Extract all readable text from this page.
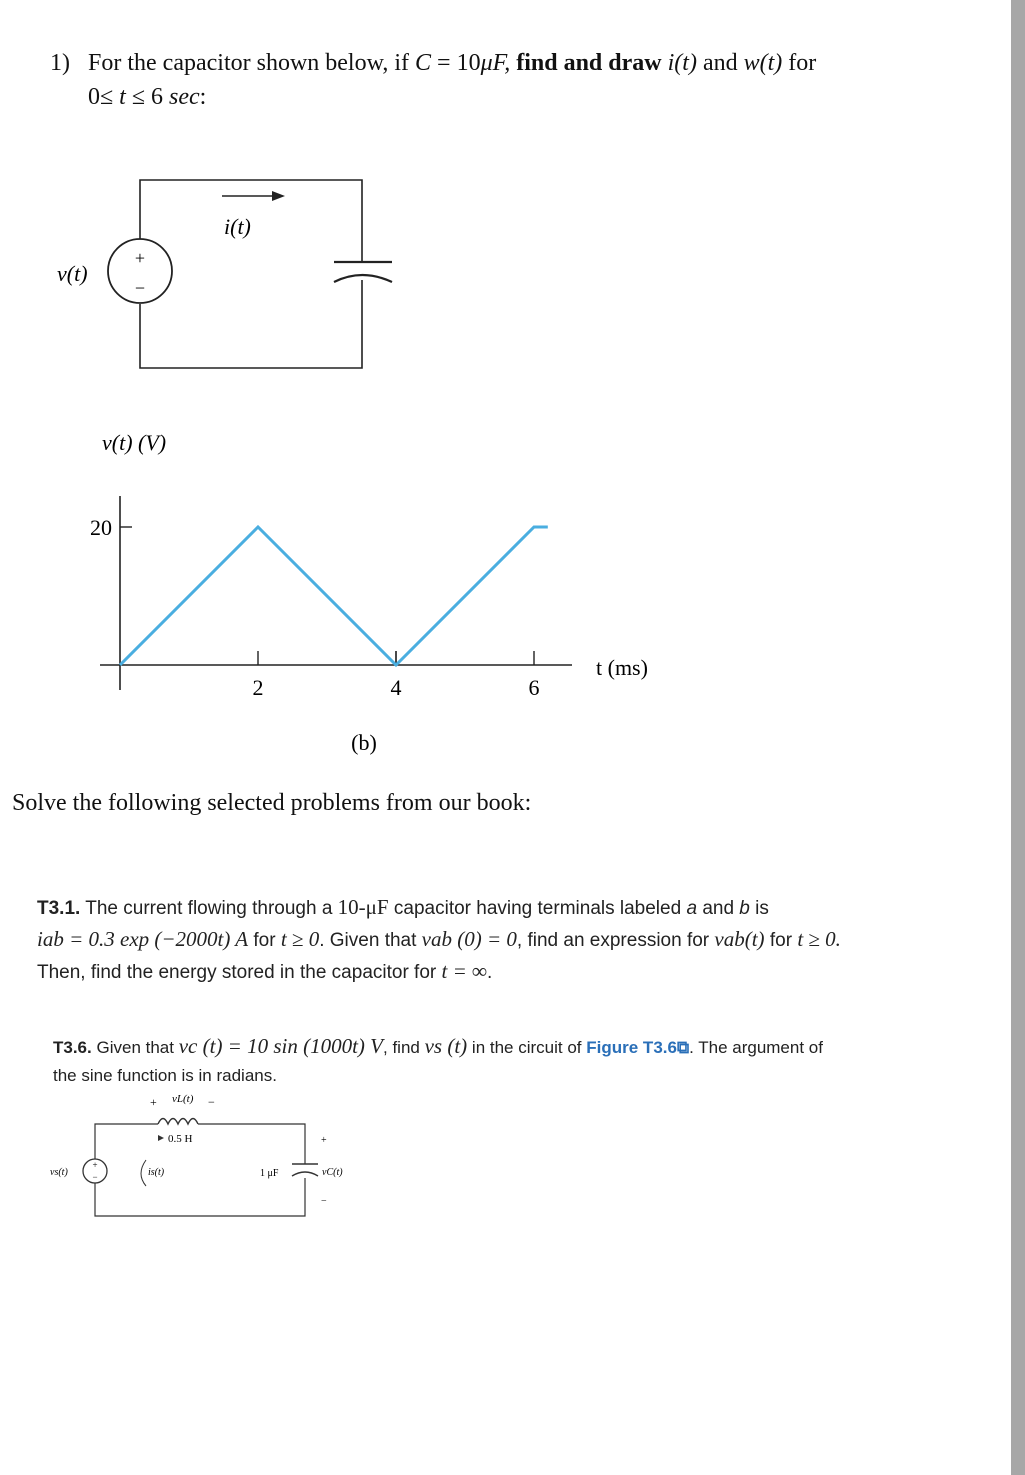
1) For the capacitor shown below, if C = 10μF, find and draw i(t) and w(t) for
0≤ t ≤ 6 sec:
+
−
v(t)
i(t)
v(t) (V)
2	4	6
20
t (ms)
(b)
Solve the following selected problems from our book:
T3.1. The current flowing through a 10-μF capacitor having terminals labeled a and b is
iab = 0.3 exp (−2000t) A for t ≥ 0. Given that vab (0) = 0, find an expression for vab(t) for t ≥ 0.
Then, find the energy stored in the capacitor for t = ∞.
T3.6. Given that vc (t) = 10 sin (1000t) V, find vs (t) in the circuit of Figure T3.6⧉. The argument of
the sine function is in radians.
+ vL(t) −
0.5 H
+
−
vs(t)	is(t)	1 μF
+
vC(t)
−
